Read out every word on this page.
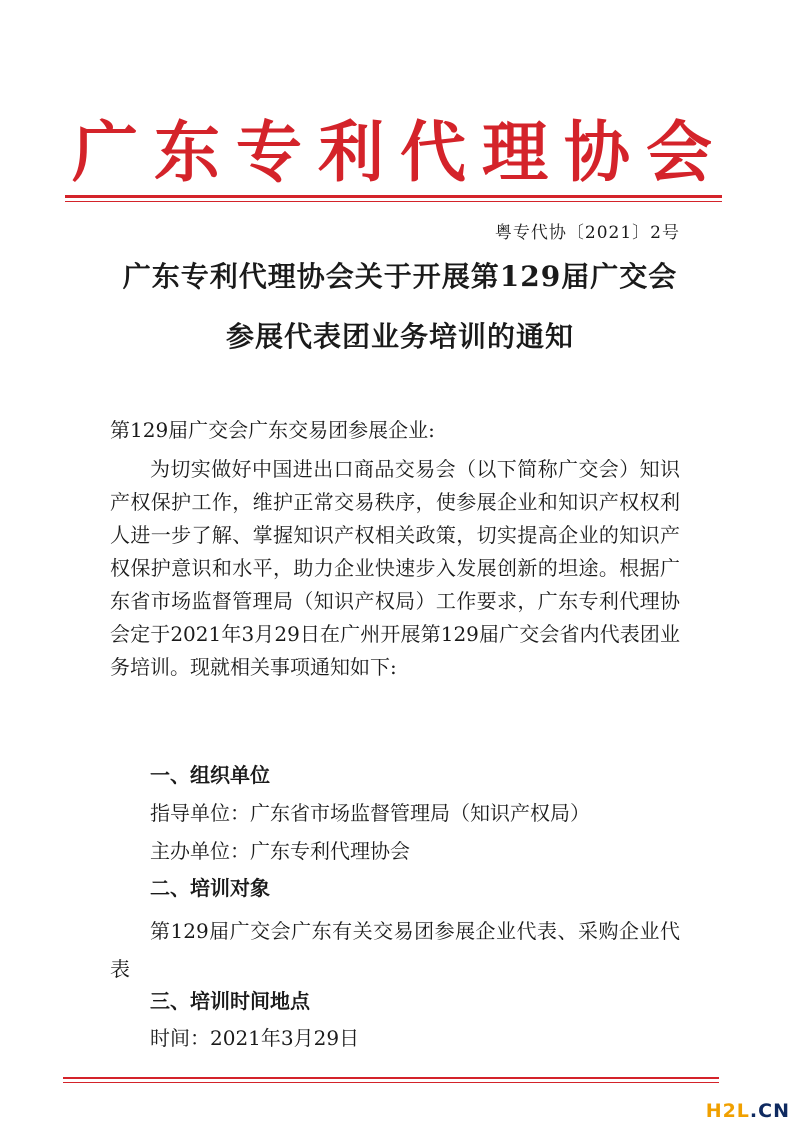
广东专利代理协会
粤专代协〔2021〕2号
广东专利代理协会关于开展第129届广交会
参展代表团业务培训的通知
第129届广交会广东交易团参展企业:

为切实做好中国进出口商品交易会（以下简称广交会）知识产权保护工作，维护正常交易秩序，使参展企业和知识产权权利人进一步了解、掌握知识产权相关政策，切实提高企业的知识产权保护意识和水平，助力企业快速步入发展创新的坦途。根据广东省市场监督管理局（知识产权局）工作要求，广东专利代理协会定于2021年3月29日在广州开展第129届广交会省内代表团业务培训。现就相关事项通知如下:

一、组织单位
指导单位：广东省市场监督管理局（知识产权局）
主办单位：广东专利代理协会
二、培训对象
第129届广交会广东有关交易团参展企业代表、采购企业代表
三、培训时间地点
时间：2021年3月29日
H2L.CN
